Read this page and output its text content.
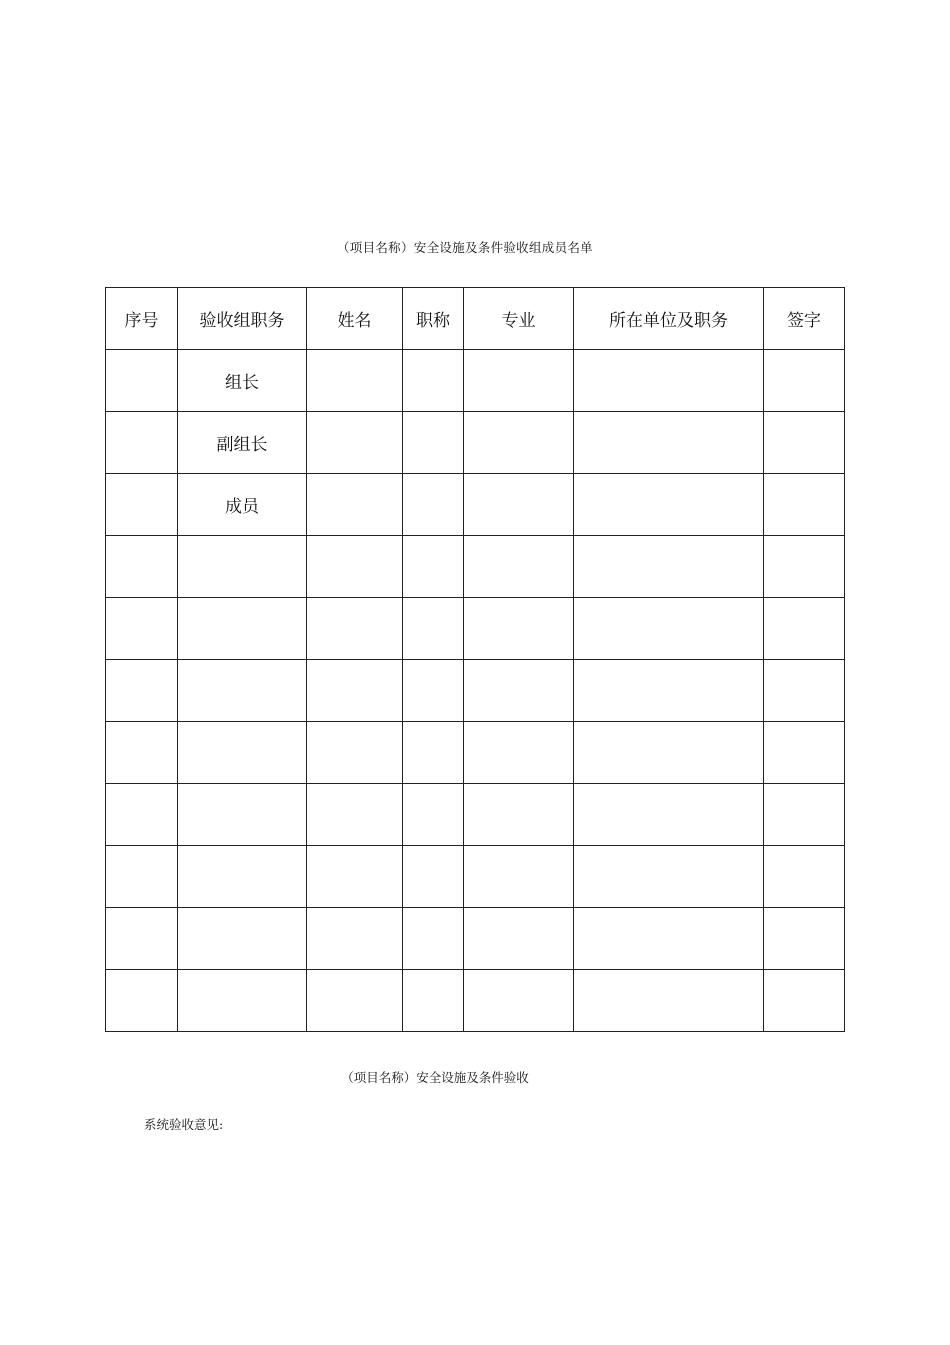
（项目名称）安全设施及条件验收组成员名单
序号	验收组职务	姓名	职称	专业	所在单位及职务	签字
	组长					
	副组长					
	成员					

（项目名称）安全设施及条件验收
系统验收意见:
